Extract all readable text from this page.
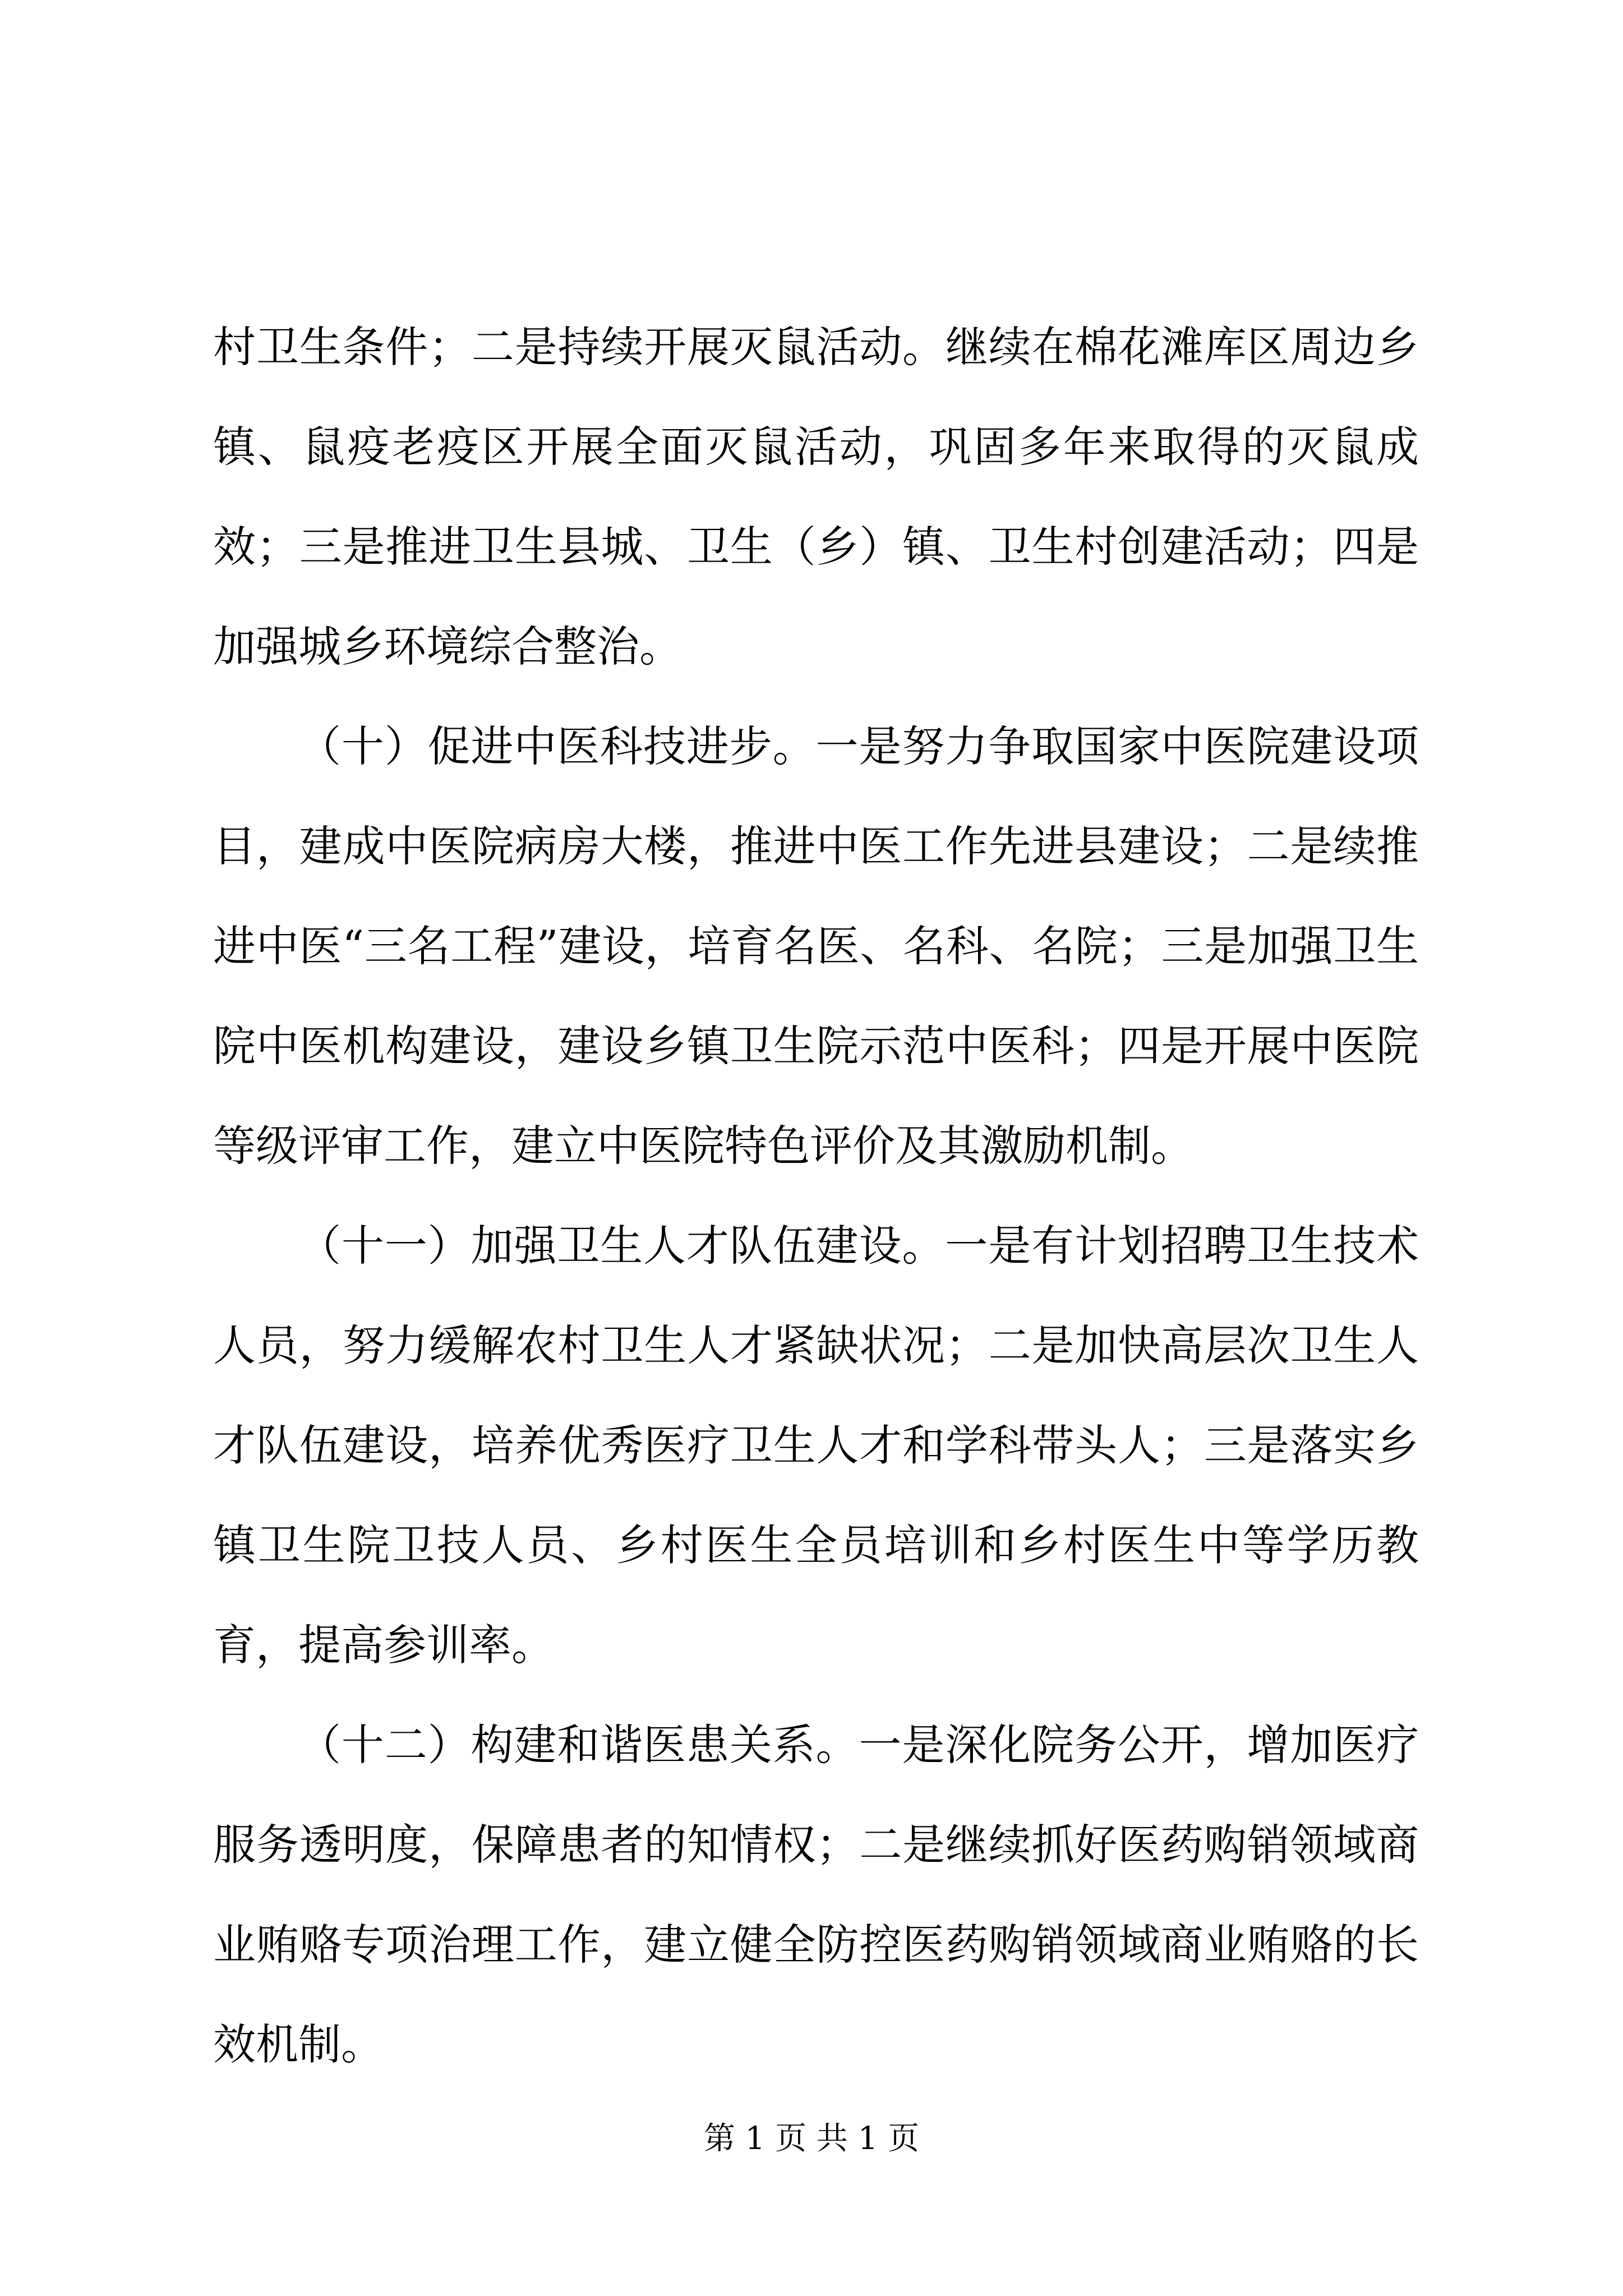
村卫生条件；二是持续开展灭鼠活动。继续在棉花滩库区周边乡镇、鼠疫老疫区开展全面灭鼠活动，巩固多年来取得的灭鼠成效；三是推进卫生县城、卫生（乡）镇、卫生村创建活动；四是加强城乡环境综合整治。

（十）促进中医科技进步。一是努力争取国家中医院建设项目，建成中医院病房大楼，推进中医工作先进县建设；二是续推进中医“三名工程”建设，培育名医、名科、名院；三是加强卫生院中医机构建设，建设乡镇卫生院示范中医科；四是开展中医院等级评审工作，建立中医院特色评价及其激励机制。

（十一）加强卫生人才队伍建设。一是有计划招聘卫生技术人员，努力缓解农村卫生人才紧缺状况；二是加快高层次卫生人才队伍建设，培养优秀医疗卫生人才和学科带头人；三是落实乡镇卫生院卫技人员、乡村医生全员培训和乡村医生中等学历教育，提高参训率。

（十二）构建和谐医患关系。一是深化院务公开，增加医疗服务透明度，保障患者的知情权；二是继续抓好医药购销领域商业贿赂专项治理工作，建立健全防控医药购销领域商业贿赂的长效机制。

第 1 页 共 1 页
